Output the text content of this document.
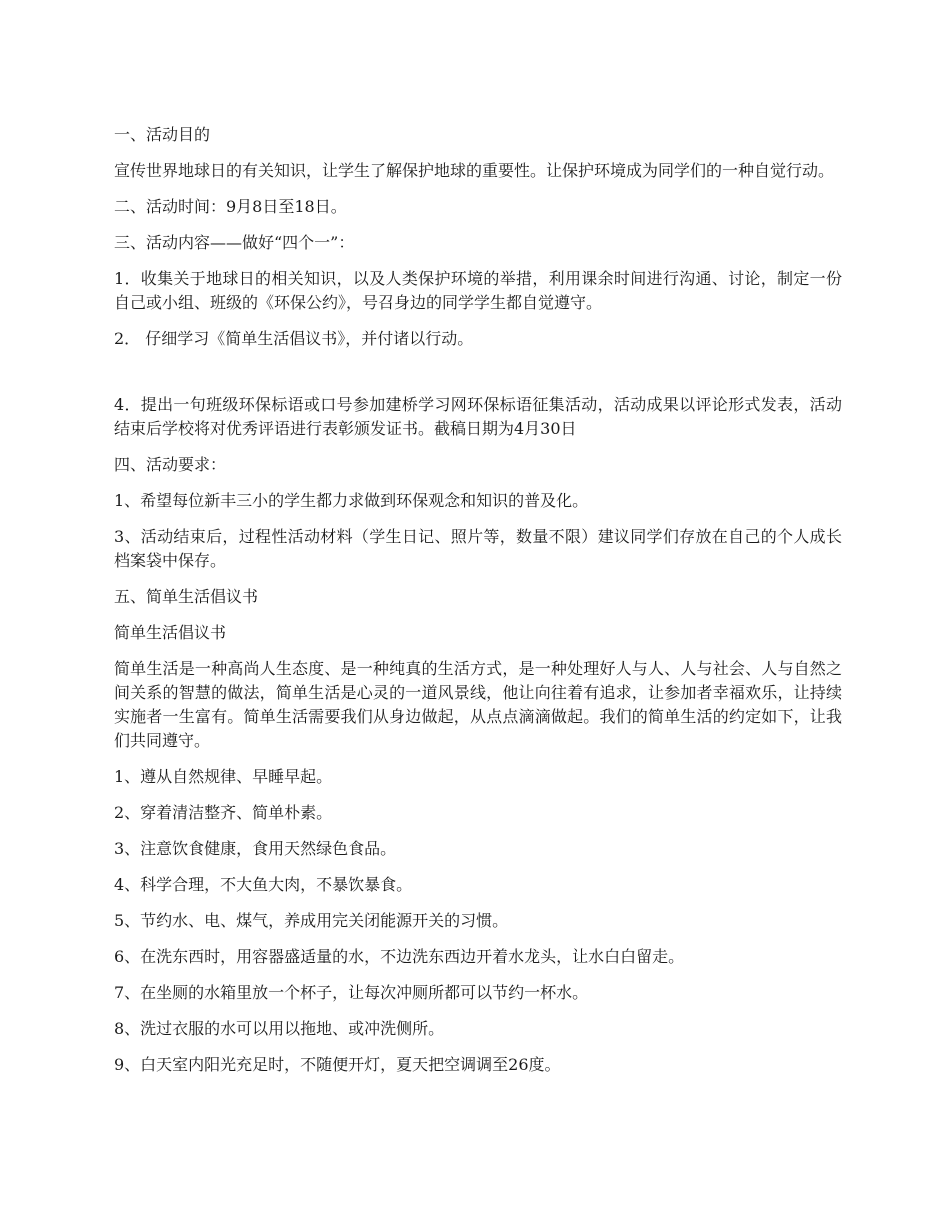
一、活动目的

宣传世界地球日的有关知识，让学生了解保护地球的重要性。让保护环境成为同学们的一种自觉行动。

二、活动时间：9月8日至18日。

三、活动内容——做好“四个一”：

1．收集关于地球日的相关知识，以及人类保护环境的举措，利用课余时间进行沟通、讨论，制定一份自己或小组、班级的《环保公约》，号召身边的同学学生都自觉遵守。

2． 仔细学习《简单生活倡议书》，并付诸以行动。

4．提出一句班级环保标语或口号参加建桥学习网环保标语征集活动，活动成果以评论形式发表，活动结束后学校将对优秀评语进行表彰颁发证书。截稿日期为4月30日

四、活动要求：

1、希望每位新丰三小的学生都力求做到环保观念和知识的普及化。

3、活动结束后，过程性活动材料（学生日记、照片等，数量不限）建议同学们存放在自己的个人成长档案袋中保存。

五、简单生活倡议书

简单生活倡议书

简单生活是一种高尚人生态度、是一种纯真的生活方式，是一种处理好人与人、人与社会、人与自然之间关系的智慧的做法，简单生活是心灵的一道风景线，他让向往着有追求，让参加者幸福欢乐，让持续实施者一生富有。简单生活需要我们从身边做起，从点点滴滴做起。我们的简单生活的约定如下，让我们共同遵守。

1、遵从自然规律、早睡早起。

2、穿着清洁整齐、简单朴素。

3、注意饮食健康，食用天然绿色食品。

4、科学合理，不大鱼大肉，不暴饮暴食。

5、节约水、电、煤气，养成用完关闭能源开关的习惯。

6、在洗东西时，用容器盛适量的水，不边洗东西边开着水龙头，让水白白留走。

7、在坐厕的水箱里放一个杯子，让每次冲厕所都可以节约一杯水。

8、洗过衣服的水可以用以拖地、或冲洗侧所。

9、白天室内阳光充足时，不随便开灯，夏天把空调调至26度。
